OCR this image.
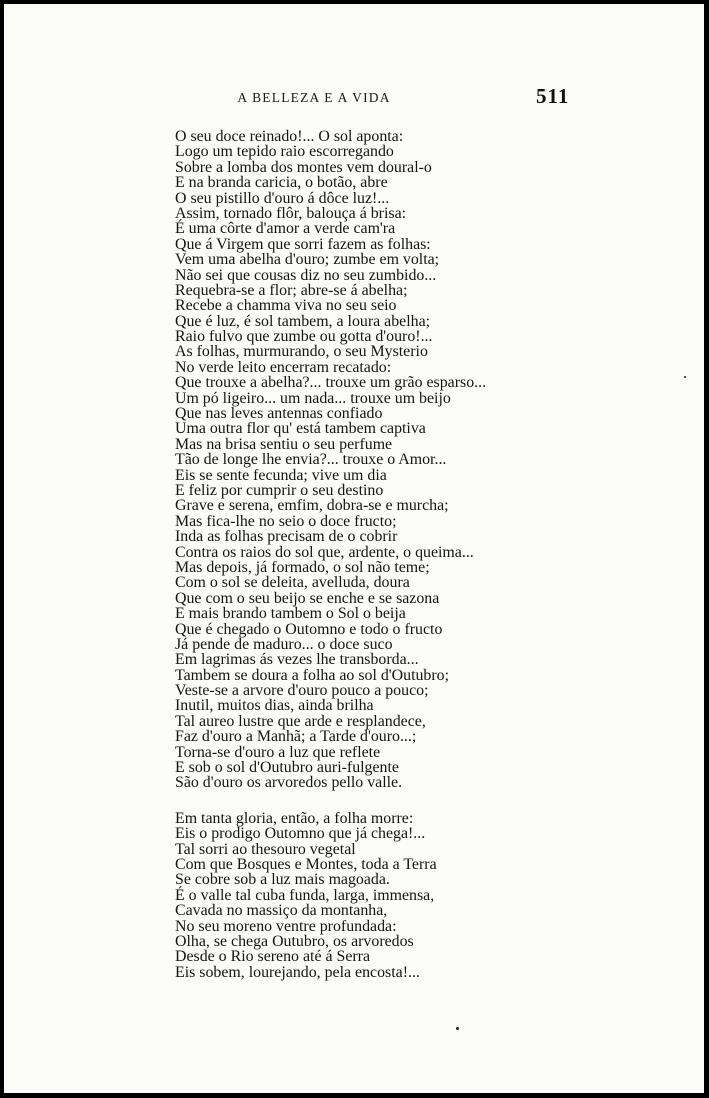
A BELLEZA E A VIDA	511
O seu doce reinado!... O sol aponta:
Logo um tepido raio escorregando
Sobre a lomba dos montes vem doural-o
E na branda caricia, o botão, abre
O seu pistillo d'ouro á dôce luz!...
Assim, tornado flôr, balouça á brisa:
É uma côrte d'amor a verde cam'ra
Que á Virgem que sorri fazem as folhas:
Vem uma abelha d'ouro; zumbe em volta;
Não sei que cousas diz no seu zumbido...
Requebra-se a flor; abre-se á abelha;
Recebe a chamma viva no seu seio
Que é luz, é sol tambem, a loura abelha;
Raio fulvo que zumbe ou gotta d'ouro!...
As folhas, murmurando, o seu Mysterio
No verde leito encerram recatado:
Que trouxe a abelha?... trouxe um grão esparso...
Um pó ligeiro... um nada... trouxe um beijo
Que nas leves antennas confiado
Uma outra flor qu' está tambem captiva
Mas na brisa sentiu o seu perfume
Tão de longe lhe envia?... trouxe o Amor...
Eis se sente fecunda; vive um dia
E feliz por cumprir o seu destino
Grave e serena, emfim, dobra-se e murcha;
Mas fica-lhe no seio o doce fructo;
Inda as folhas precisam de o cobrir
Contra os raios do sol que, ardente, o queima...
Mas depois, já formado, o sol não teme;
Com o sol se deleita, avelluda, doura
Que com o seu beijo se enche e se sazona
E mais brando tambem o Sol o beija
Que é chegado o Outomno e todo o fructo
Já pende de maduro... o doce suco
Em lagrimas ás vezes lhe transborda...
Tambem se doura a folha ao sol d'Outubro;
Veste-se a arvore d'ouro pouco a pouco;
Inutil, muitos dias, ainda brilha
Tal aureo lustre que arde e resplandece,
Faz d'ouro a Manhã; a Tarde d'ouro...;
Torna-se d'ouro a luz que reflete
E sob o sol d'Outubro auri-fulgente
São d'ouro os arvoredos pello valle.
Em tanta gloria, então, a folha morre:
Eis o prodigo Outomno que já chega!...
Tal sorri ao thesouro vegetal
Com que Bosques e Montes, toda a Terra
Se cobre sob a luz mais magoada.
É o valle tal cuba funda, larga, immensa,
Cavada no massiço da montanha,
No seu moreno ventre profundada:
Olha, se chega Outubro, os arvoredos
Desde o Rio sereno até á Serra
Eis sobem, lourejando, pela encosta!...
